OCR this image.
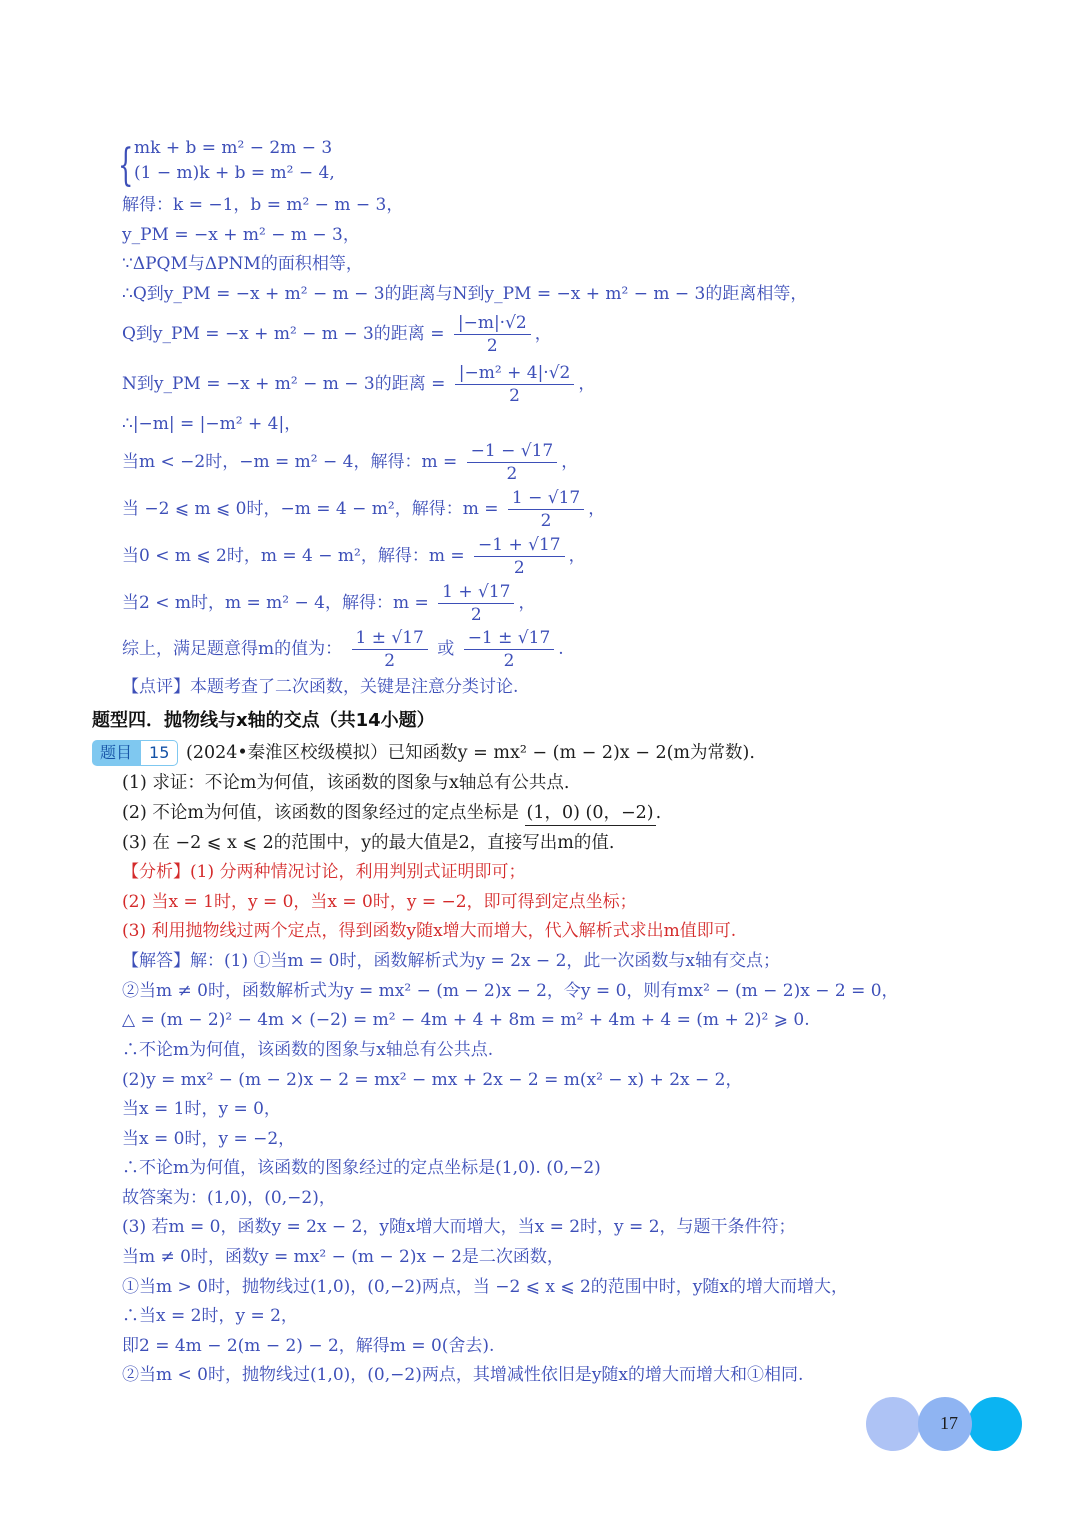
{ mk + b = m² − 2m − 3
(1 − m)k + b = m² − 4,
解得：k = −1，b = m² − m − 3，
y_PM = −x + m² − m − 3，
∵ΔPQM与ΔPNM的面积相等，
∴Q到y_PM = −x + m² − m − 3的距离与N到y_PM = −x + m² − m − 3的距离相等，
Q到y_PM = −x + m² − m − 3的距离 = $\frac{|-m|\cdot√2}{2}$ ，
N到y_PM = −x + m² − m − 3的距离 = $\frac{\text{|−m² + 4|·√2}}{2}$ ，
∴|−m| = |−m² + 4|，
当m < −2时，−m = m² − 4，解得：$m = \frac{-1 - √17}{2}$ ，
当 −2 ⩽ m ⩽ 0时，−m = 4 − m²，解得：$m = \frac{1 - √17}{2}$ ，
当0 < m ⩽ 2时，m = 4 − m²，解得：$m = \frac{-1 + √17}{2}$ ，
当2 < m时，m = m² − 4，解得：$m = \frac{1 + √17}{2}$ ，
综上，满足题意得m的值为： $\frac{1 \pm √17}{2}$ 或 $\frac{-1 \pm √17}{2}$ .
【点评】本题考查了二次函数，关键是注意分类讨论.
题型四．抛物线与x轴的交点（共14小题）
题目	15 (2024•秦淮区校级模拟）已知函数y = mx² − (m − 2)x − 2(m为常数).
(1) 求证：不论m为何值，该函数的图象与x轴总有公共点.
(2) 不论m为何值，该函数的图象经过的定点坐标是 (1，0) (0，−2) .
(3) 在 −2 ⩽ x ⩽ 2的范围中，y的最大值是2，直接写出m的值.
【分析】(1) 分两种情况讨论，利用判别式证明即可；
(2) 当x = 1时，y = 0，当x = 0时，y = −2，即可得到定点坐标；
(3) 利用抛物线过两个定点，得到函数y随x增大而增大，代入解析式求出m值即可.
【解答】解：(1) ①当m = 0时，函数解析式为y = 2x − 2，此一次函数与x轴有交点；
②当m ≠ 0时，函数解析式为y = mx² − (m − 2)x − 2，令y = 0，则有mx² − (m − 2)x − 2 = 0，
△ = (m − 2)² − 4m × (−2) = m² − 4m + 4 + 8m = m² + 4m + 4 = (m + 2)² ⩾ 0.
∴不论m为何值，该函数的图象与x轴总有公共点.
(2)y = mx² − (m − 2)x − 2 = mx² − mx + 2x − 2 = m(x² − x) + 2x − 2，
当x = 1时，y = 0，
当x = 0时，y = −2，
∴不论m为何值，该函数的图象经过的定点坐标是(1,0). (0,−2)
故答案为：(1,0)，(0,−2)，
(3) 若m = 0，函数y = 2x − 2，y随x增大而增大，当x = 2时，y = 2，与题干条件符；
当m ≠ 0时，函数y = mx² − (m − 2)x − 2是二次函数，
①当m > 0时，抛物线过(1,0)，(0,−2)两点，当 −2 ⩽ x ⩽ 2的范围中时，y随x的增大而增大，
∴当x = 2时，y = 2，
即2 = 4m − 2(m − 2) − 2，解得m = 0(舍去).
②当m < 0时，抛物线过(1,0)，(0,−2)两点，其增减性依旧是y随x的增大而增大和①相同.
17
